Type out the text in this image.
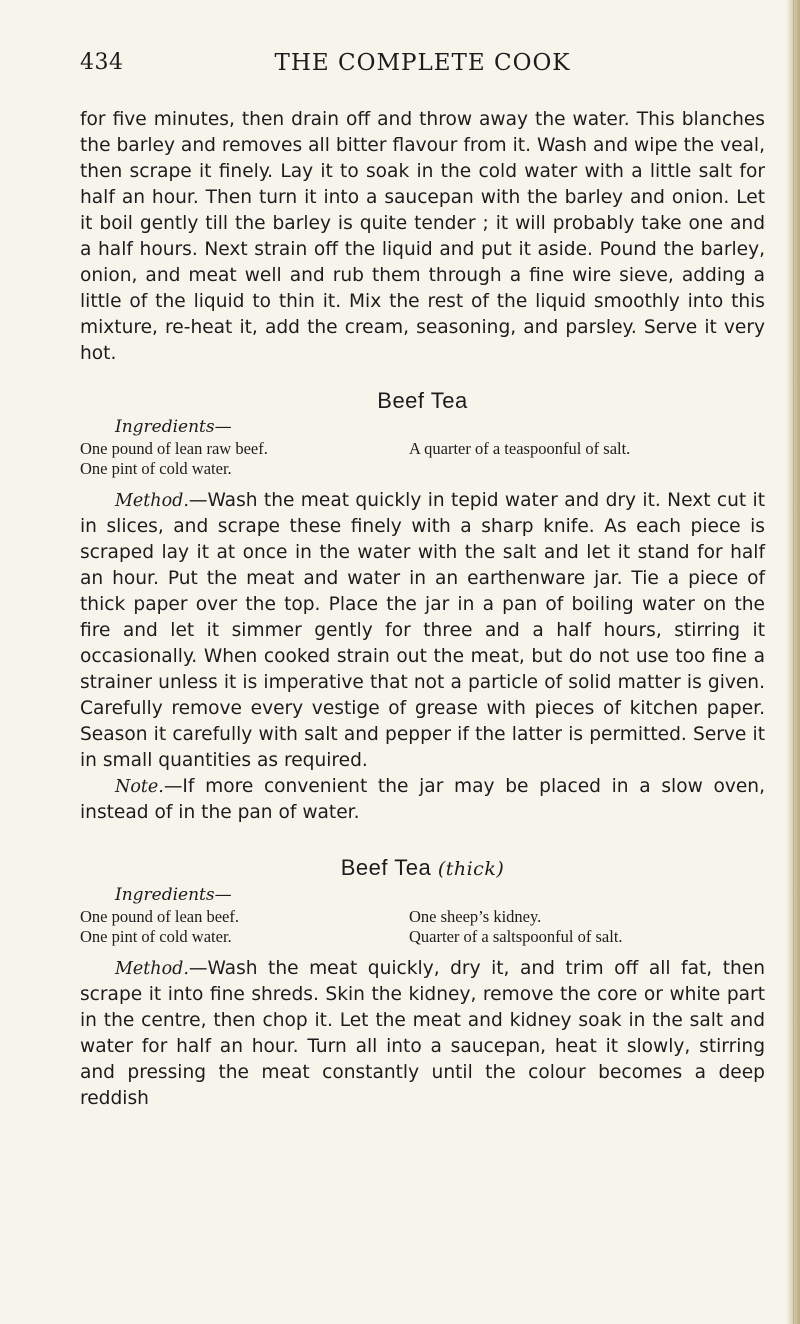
434	THE COMPLETE COOK

for five minutes, then drain off and throw away the water. This blanches the barley and removes all bitter flavour from it. Wash and wipe the veal, then scrape it finely. Lay it to soak in the cold water with a little salt for half an hour. Then turn it into a saucepan with the barley and onion. Let it boil gently till the barley is quite tender ; it will probably take one and a half hours. Next strain off the liquid and put it aside. Pound the barley, onion, and meat well and rub them through a fine wire sieve, adding a little of the liquid to thin it. Mix the rest of the liquid smoothly into this mixture, re-heat it, add the cream, seasoning, and parsley. Serve it very hot.

Beef Tea

Ingredients—

One pound of lean raw beef.	A quarter of a teaspoonful of salt.
One pint of cold water.

Method.—Wash the meat quickly in tepid water and dry it. Next cut it in slices, and scrape these finely with a sharp knife. As each piece is scraped lay it at once in the water with the salt and let it stand for half an hour. Put the meat and water in an earthenware jar. Tie a piece of thick paper over the top. Place the jar in a pan of boiling water on the fire and let it simmer gently for three and a half hours, stirring it occasionally. When cooked strain out the meat, but do not use too fine a strainer unless it is imperative that not a particle of solid matter is given. Carefully remove every vestige of grease with pieces of kitchen paper. Season it carefully with salt and pepper if the latter is permitted. Serve it in small quantities as required.

Note.—If more convenient the jar may be placed in a slow oven, instead of in the pan of water.

Beef Tea (thick)

Ingredients—

One pound of lean beef.	One sheep’s kidney.
One pint of cold water.	Quarter of a saltspoonful of salt.

Method.—Wash the meat quickly, dry it, and trim off all fat, then scrape it into fine shreds. Skin the kidney, remove the core or white part in the centre, then chop it. Let the meat and kidney soak in the salt and water for half an hour. Turn all into a saucepan, heat it slowly, stirring and pressing the meat constantly until the colour becomes a deep reddish
